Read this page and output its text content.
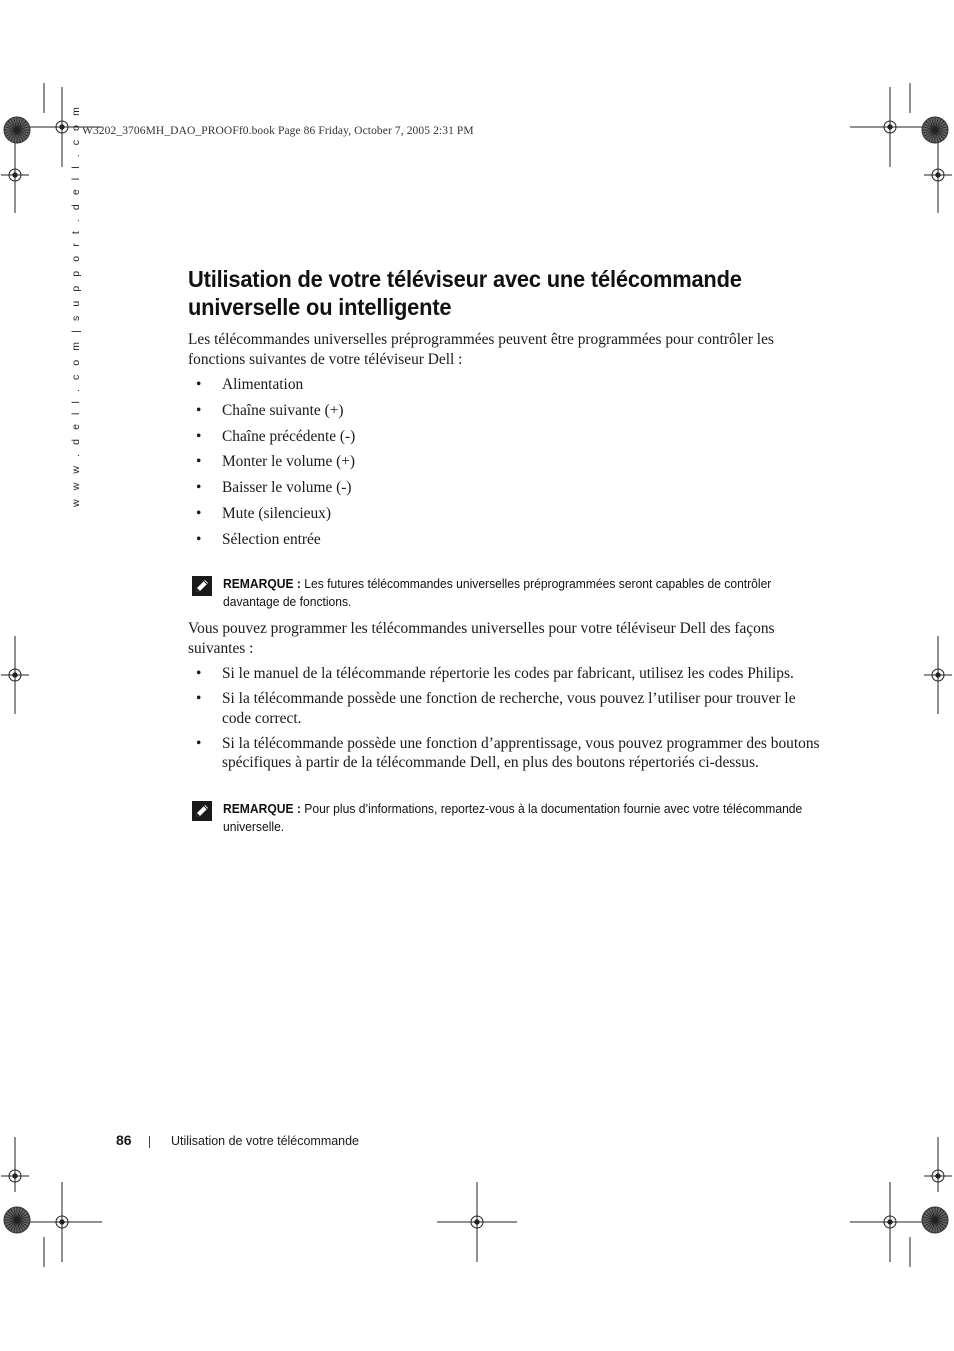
W3202_3706MH_DAO_PROOFf0.book Page 86 Friday, October 7, 2005 2:31 PM
w w w . d e l l . c o m | s u p p o r t . d e l l . c o m	Utilisation de votre téléviseur avec une télécommande universelle ou intelligente

Les télécommandes universelles préprogrammées peuvent être programmées pour contrôler les fonctions suivantes de votre téléviseur Dell :

• Alimentation
• Chaîne suivante (+)
• Chaîne précédente (-)
• Monter le volume (+)
• Baisser le volume (-)
• Mute (silencieux)
• Sélection entrée
REMARQUE : Les futures télécommandes universelles préprogrammées seront capables de contrôler davantage de fonctions.

Vous pouvez programmer les télécommandes universelles pour votre téléviseur Dell des façons suivantes :

• Si le manuel de la télécommande répertorie les codes par fabricant, utilisez les codes Philips.
• Si la télécommande possède une fonction de recherche, vous pouvez l’utiliser pour trouver le code correct.
• Si la télécommande possède une fonction d’apprentissage, vous pouvez programmer des boutons spécifiques à partir de la télécommande Dell, en plus des boutons répertoriés ci-dessus.
REMARQUE : Pour plus d’informations, reportez-vous à la documentation fournie avec votre télécommande universelle.
86	Utilisation de votre télécommande
